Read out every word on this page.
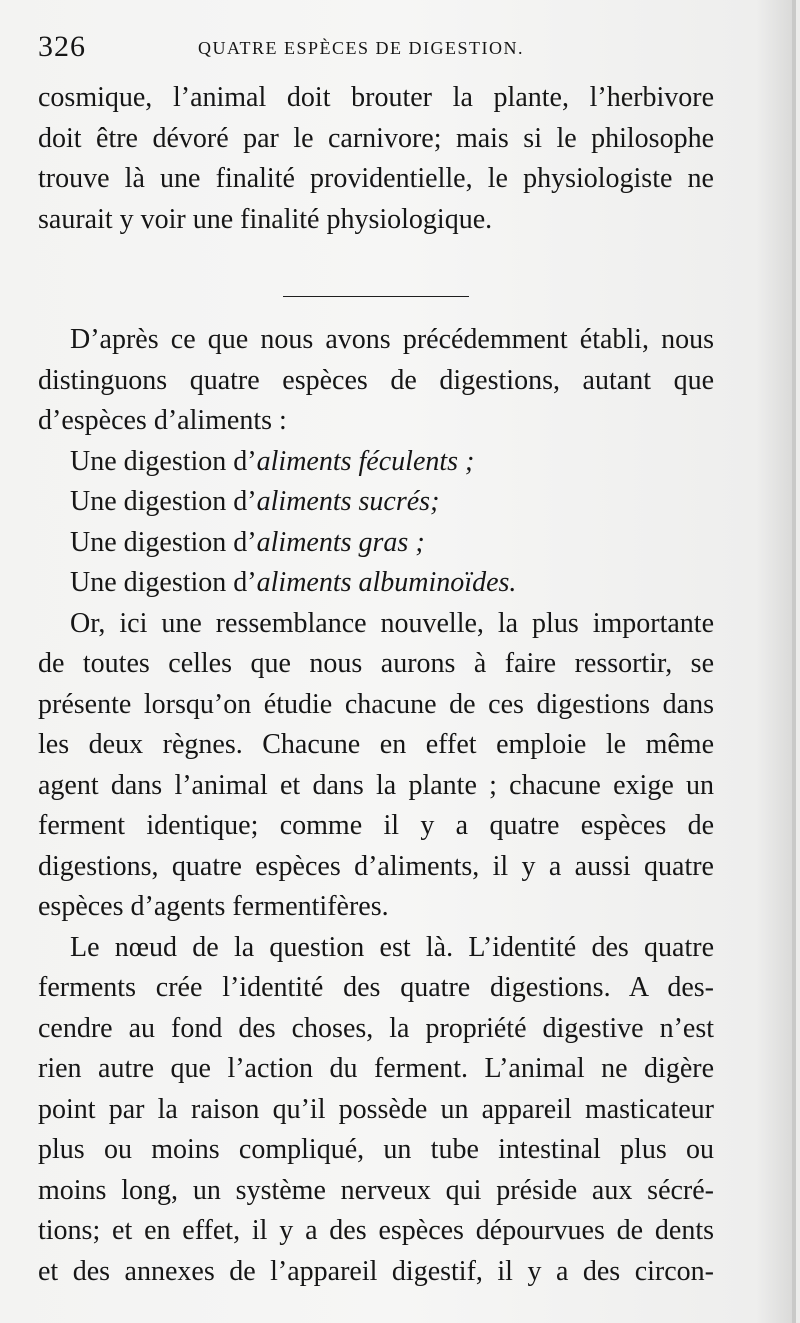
326	QUATRE ESPÈCES DE DIGESTION.
cosmique, l’animal doit brouter la plante, l’herbivore
doit être dévoré par le carnivore; mais si le philosophe
trouve là une finalité providentielle, le physiologiste ne
saurait y voir une finalité physiologique.
D’après ce que nous avons précédemment établi, nous
distinguons quatre espèces de digestions, autant que
d’espèces d’aliments :
Une digestion d’aliments féculents ;
Une digestion d’aliments sucrés;
Une digestion d’aliments gras ;
Une digestion d’aliments albuminoïdes.
Or, ici une ressemblance nouvelle, la plus importante
de toutes celles que nous aurons à faire ressortir, se
présente lorsqu’on étudie chacune de ces digestions dans
les deux règnes. Chacune en effet emploie le même
agent dans l’animal et dans la plante ; chacune exige un
ferment identique; comme il y a quatre espèces de
digestions, quatre espèces d’aliments, il y a aussi quatre
espèces d’agents fermentifères.
Le nœud de la question est là. L’identité des quatre
ferments crée l’identité des quatre digestions. A des-
cendre au fond des choses, la propriété digestive n’est
rien autre que l’action du ferment. L’animal ne digère
point par la raison qu’il possède un appareil masticateur
plus ou moins compliqué, un tube intestinal plus ou
moins long, un système nerveux qui préside aux sécré-
tions; et en effet, il y a des espèces dépourvues de dents
et des annexes de l’appareil digestif, il y a des circon-
